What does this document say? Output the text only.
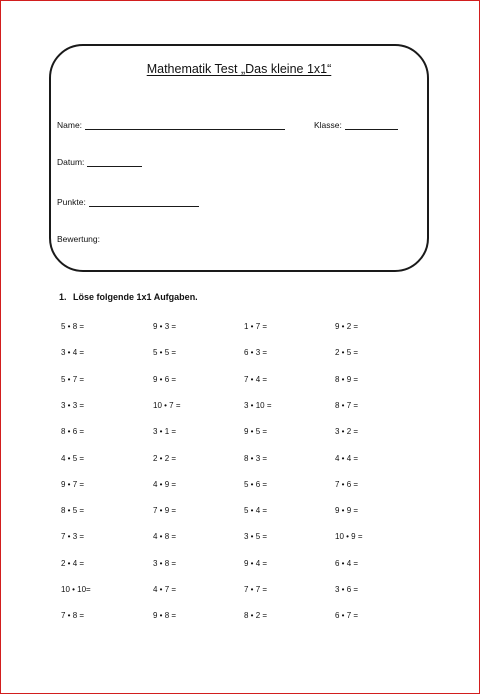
Mathematik Test „Das kleine 1x1“
Name:	Klasse:
Datum:
Punkte:
Bewertung:
1. Löse folgende 1x1 Aufgaben.
5 • 8 =	9 • 3 =	1 • 7 =	9 • 2 =
3 • 4 =	5 • 5 =	6 • 3 =	2 • 5 =
5 • 7 =	9 • 6 =	7 • 4 =	8 • 9 =
3 • 3 =	10 • 7 =	3 • 10 =	8 • 7 =
8 • 6 =	3 • 1 =	9 • 5 =	3 • 2 =
4 • 5 =	2 • 2 =	8 • 3 =	4 • 4 =
9 • 7 =	4 • 9 =	5 • 6 =	7 • 6 =
8 • 5 =	7 • 9 =	5 • 4 =	9 • 9 =
7 • 3 =	4 • 8 =	3 • 5 =	10 • 9 =
2 • 4 =	3 • 8 =	9 • 4 =	6 • 4 =
10 • 10=	4 • 7 =	7 • 7 =	3 • 6 =
7 • 8 =	9 • 8 =	8 • 2 =	6 • 7 =
